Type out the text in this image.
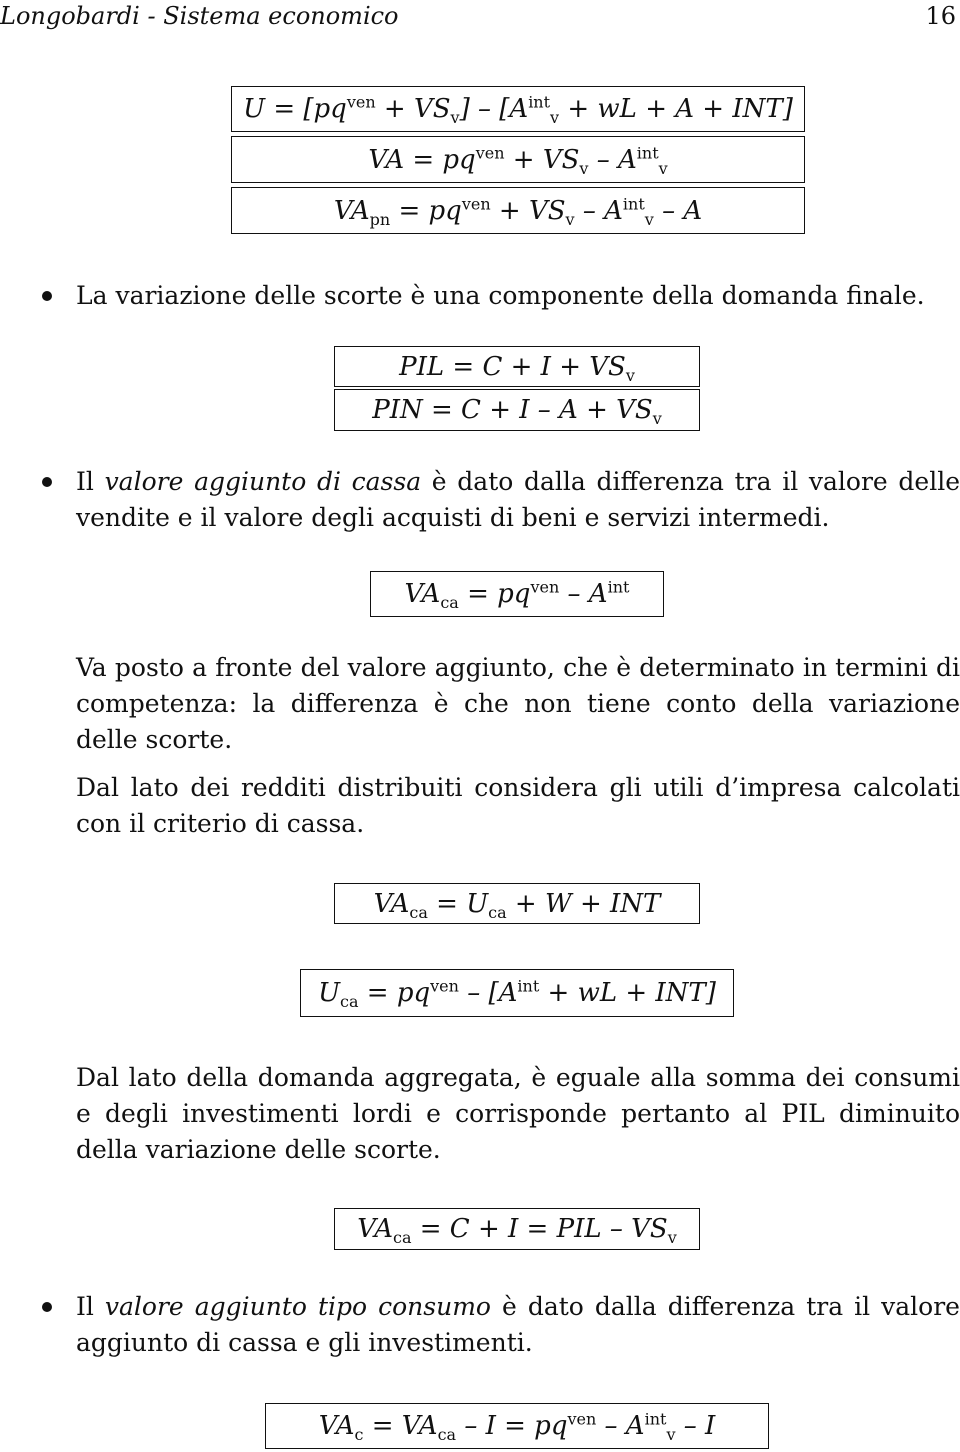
Longobardi - Sistema economico	16
$U = [pq^{ven} + VS_v] - [A^{int}_v$ + wL + A + INT]
VA = $pq^{ven} + VS_v - A^{int}_v$
$VA_{pn} = pq^{ven} + VS_v - A^{int}_v - A$
La variazione delle scorte è una componente della domanda finale.
PIL = $C + I + VS_v$
PIN = $C + I - A + VS_v$
Il valore aggiunto di cassa è dato dalla differenza tra il valore delle vendite e il valore degli acquisti di beni e servizi intermedi.
$VA_{ca} = pq^{ven} - A^{int}$
Va posto a fronte del valore aggiunto, che è determinato in termini di competenza: la differenza è che non tiene conto della variazione delle scorte.
Dal lato dei redditi distribuiti considera gli utili d’impresa calcolati con il criterio di cassa.
$VA_{ca} = U_{ca} + W$ + INT
$U_{ca} = pq^{ven} - [A^{int}$ + wL + INT]
Dal lato della domanda aggregata, è eguale alla somma dei consumi e degli investimenti lordi e corrisponde pertanto al PIL diminuito della variazione delle scorte.
$VA_{ca} = C + I$ = PIL – $VS_v$
Il valore aggiunto tipo consumo è dato dalla differenza tra il valore aggiunto di cassa e gli investimenti.
$VA_c = VA_{ca} - I = pq^{ven} - A^{int}_v - I$
